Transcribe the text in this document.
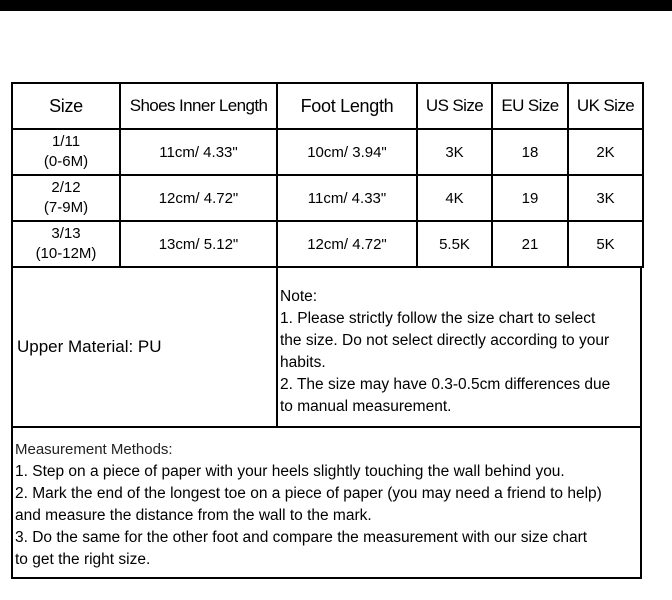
Size	Shoes Inner Length	Foot Length	US Size	EU Size	UK Size

1/11
(0-6M)	11cm/ 4.33"	10cm/ 3.94"	3K	18	2K

2/12
(7-9M)	12cm/ 4.72"	11cm/ 4.33"	4K	19	3K

3/13
(10-12M)	13cm/ 5.12"	12cm/ 4.72"	5.5K	21	5K
Upper Material: PU
Note:
1. Please strictly follow the size chart to select
the size. Do not select directly according to your
habits.
2. The size may have 0.3-0.5cm differences due
to manual measurement.
Measurement Methods:
1. Step on a piece of paper with your heels slightly touching the wall behind you.
2. Mark the end of the longest toe on a piece of paper (you may need a friend to help)
and measure the distance from the wall to the mark.
3. Do the same for the other foot and compare the measurement with our size chart
to get the right size.
